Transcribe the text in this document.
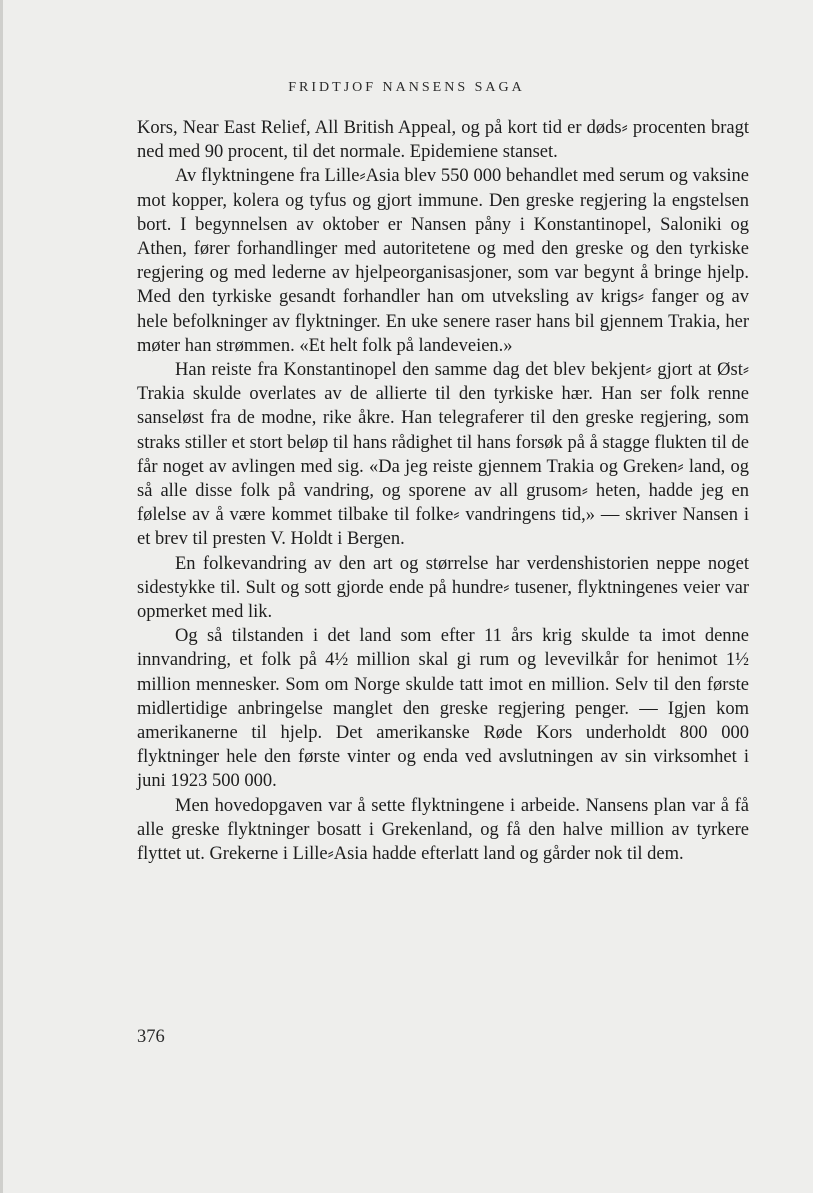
FRIDTJOF NANSENS SAGA

Kors, Near East Relief, All British Appeal, og på kort tid er døds⸗ procenten bragt ned med 90 procent, til det normale. Epidemiene stanset.

Av flyktningene fra Lille⸗Asia blev 550 000 behandlet med serum og vaksine mot kopper, kolera og tyfus og gjort immune. Den greske regjering la engstelsen bort. I begynnelsen av oktober er Nansen påny i Konstantinopel, Saloniki og Athen, fører forhandlinger med autoritetene og med den greske og den tyrkiske regjering og med lederne av hjelpeorganisasjoner, som var begynt å bringe hjelp. Med den tyrkiske gesandt forhandler han om utveksling av krigs⸗ fanger og av hele befolkninger av flyktninger. En uke senere raser hans bil gjennem Trakia, her møter han strømmen. «Et helt folk på landeveien.»

Han reiste fra Konstantinopel den samme dag det blev bekjent⸗ gjort at Øst⸗Trakia skulde overlates av de allierte til den tyrkiske hær. Han ser folk renne sanseløst fra de modne, rike åkre. Han telegraferer til den greske regjering, som straks stiller et stort beløp til hans rådighet til hans forsøk på å stagge flukten til de får noget av avlingen med sig. «Da jeg reiste gjennem Trakia og Greken⸗ land, og så alle disse folk på vandring, og sporene av all grusom⸗ heten, hadde jeg en følelse av å være kommet tilbake til folke⸗ vandringens tid,» — skriver Nansen i et brev til presten V. Holdt i Bergen.

En folkevandring av den art og størrelse har verdenshistorien neppe noget sidestykke til. Sult og sott gjorde ende på hundre⸗ tusener, flyktningenes veier var opmerket med lik.

Og så tilstanden i det land som efter 11 års krig skulde ta imot denne innvandring, et folk på 4½ million skal gi rum og levevilkår for henimot 1½ million mennesker. Som om Norge skulde tatt imot en million. Selv til den første midlertidige anbringelse manglet den greske regjering penger. — Igjen kom amerikanerne til hjelp. Det amerikanske Røde Kors underholdt 800 000 flyktninger hele den første vinter og enda ved avslutningen av sin virksomhet i juni 1923 500 000.

Men hovedopgaven var å sette flyktningene i arbeide. Nansens plan var å få alle greske flyktninger bosatt i Grekenland, og få den halve million av tyrkere flyttet ut. Grekerne i Lille⸗Asia hadde efterlatt land og gårder nok til dem.

376
